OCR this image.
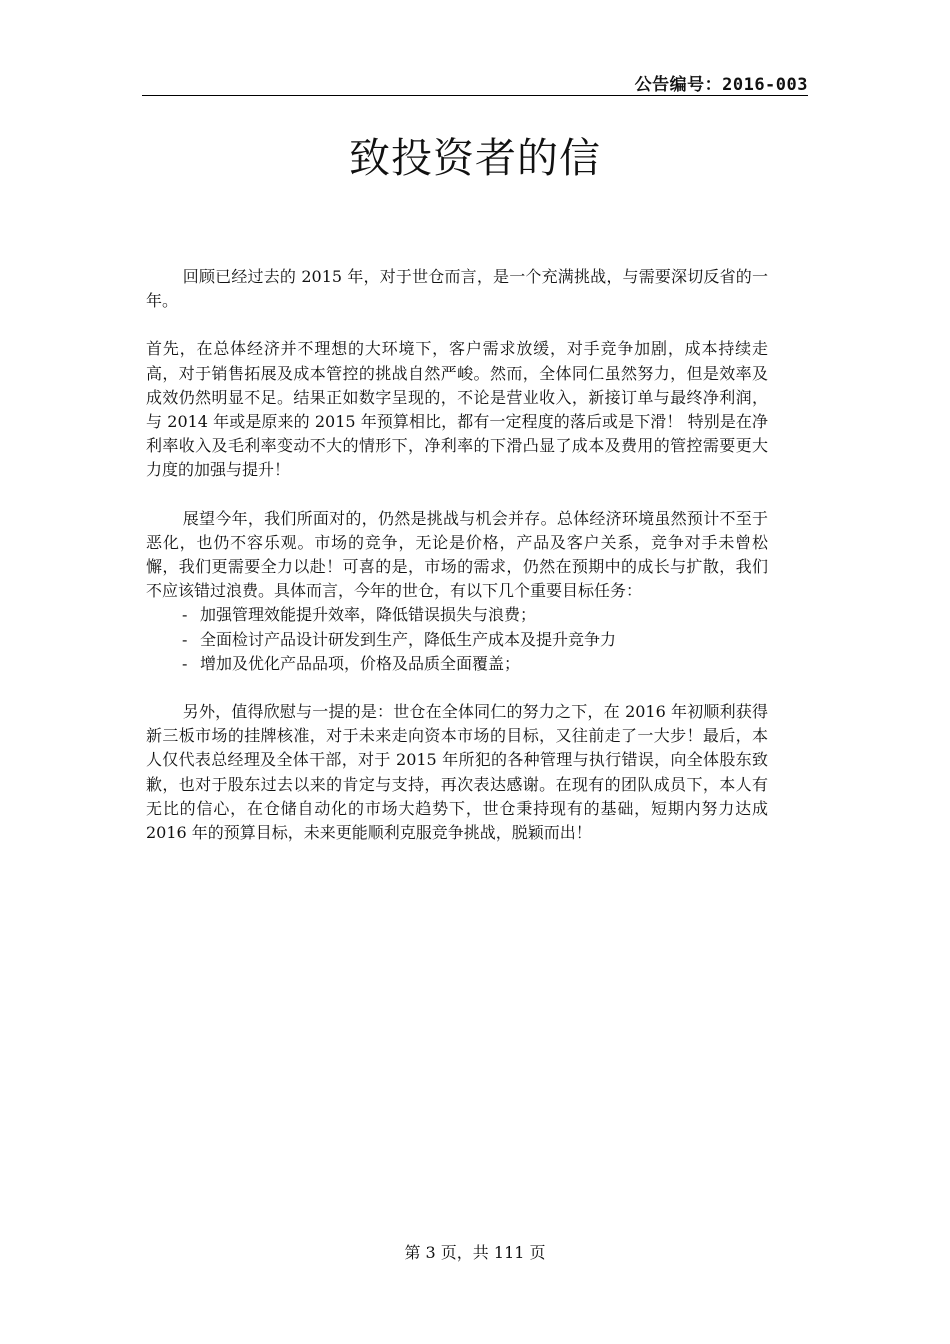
公告编号：2016-003
致投资者的信

回顾已经过去的 2015 年，对于世仓而言，是一个充满挑战，与需要深切反省的一年。

首先，在总体经济并不理想的大环境下，客户需求放缓，对手竞争加剧，成本持续走高，对于销售拓展及成本管控的挑战自然严峻。然而，全体同仁虽然努力，但是效率及成效仍然明显不足。结果正如数字呈现的，不论是营业收入，新接订单与最终净利润，与 2014 年或是原来的 2015 年预算相比，都有一定程度的落后或是下滑！ 特别是在净利率收入及毛利率变动不大的情形下，净利率的下滑凸显了成本及费用的管控需要更大力度的加强与提升！

展望今年，我们所面对的，仍然是挑战与机会并存。总体经济环境虽然预计不至于恶化，也仍不容乐观。市场的竞争，无论是价格，产品及客户关系，竞争对手未曾松懈，我们更需要全力以赴！可喜的是，市场的需求，仍然在预期中的成长与扩散，我们不应该错过浪费。具体而言，今年的世仓，有以下几个重要目标任务：

- 加强管理效能提升效率，降低错误损失与浪费；
- 全面检讨产品设计研发到生产，降低生产成本及提升竞争力
- 增加及优化产品品项，价格及品质全面覆盖；

另外，值得欣慰与一提的是：世仓在全体同仁的努力之下，在 2016 年初顺利获得新三板市场的挂牌核准，对于未来走向资本市场的目标，又往前走了一大步！最后，本人仅代表总经理及全体干部，对于 2015 年所犯的各种管理与执行错误，向全体股东致歉，也对于股东过去以来的肯定与支持，再次表达感谢。在现有的团队成员下，本人有无比的信心，在仓储自动化的市场大趋势下，世仓秉持现有的基础，短期内努力达成 2016 年的预算目标，未来更能顺利克服竞争挑战，脱颖而出！

第 3 页，共 111 页
